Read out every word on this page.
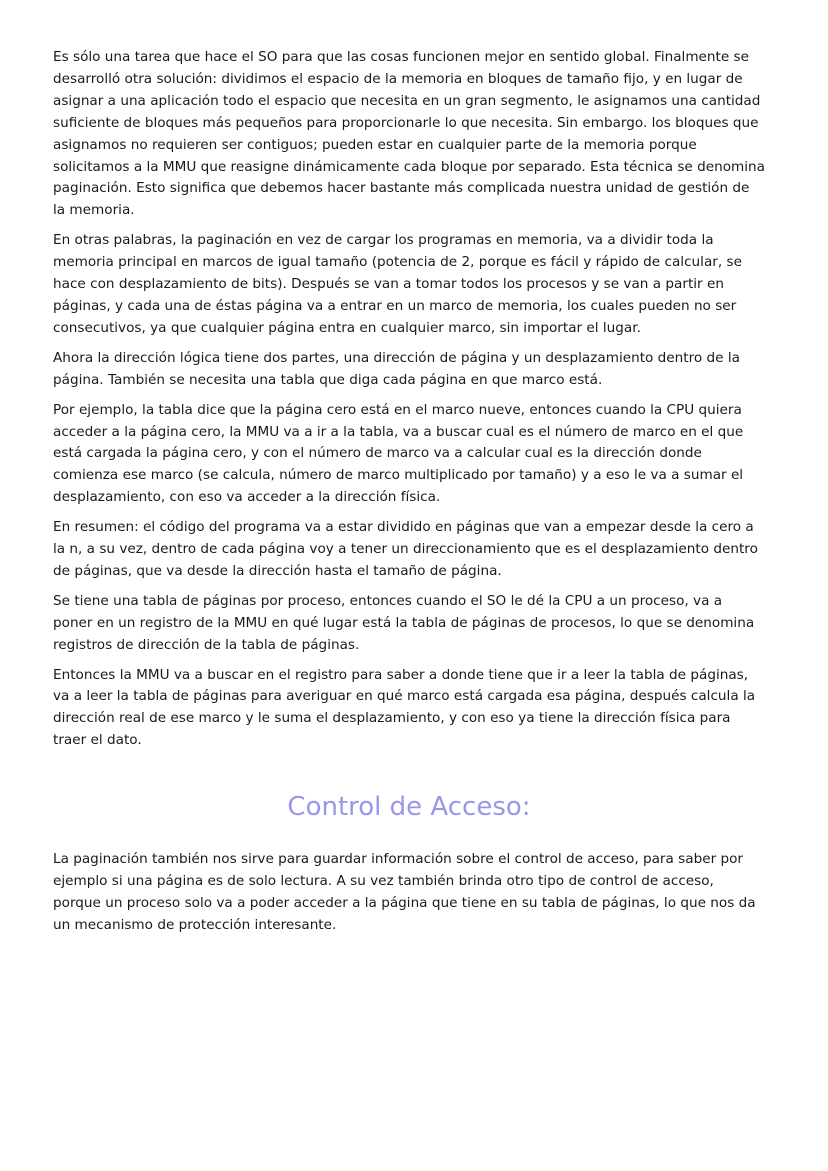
Es sólo una tarea que hace el SO para que las cosas funcionen mejor en sentido global. Finalmente se desarrolló otra solución: dividimos el espacio de la memoria en bloques de tamaño fijo, y en lugar de asignar a una aplicación todo el espacio que necesita en un gran segmento, le asignamos una cantidad suficiente de bloques más pequeños para proporcionarle lo que necesita. Sin embargo. los bloques que asignamos no requieren ser contiguos; pueden estar en cualquier parte de la memoria porque solicitamos a la MMU que reasigne dinámicamente cada bloque por separado. Esta técnica se denomina paginación. Esto significa que debemos hacer bastante más complicada nuestra unidad de gestión de la memoria.

En otras palabras, la paginación en vez de cargar los programas en memoria, va a dividir toda la memoria principal en marcos de igual tamaño (potencia de 2, porque es fácil y rápido de calcular, se hace con desplazamiento de bits). Después se van a tomar todos los procesos y se van a partir en páginas, y cada una de éstas página va a entrar en un marco de memoria, los cuales pueden no ser consecutivos, ya que cualquier página entra en cualquier marco, sin importar el lugar.

Ahora la dirección lógica tiene dos partes, una dirección de página y un desplazamiento dentro de la página. También se necesita una tabla que diga cada página en que marco está.

Por ejemplo, la tabla dice que la página cero está en el marco nueve, entonces cuando la CPU quiera acceder a la página cero, la MMU va a ir a la tabla, va a buscar cual es el número de marco en el que está cargada la página cero, y con el número de marco va a calcular cual es la dirección donde comienza ese marco (se calcula, número de marco multiplicado por tamaño) y a eso le va a sumar el desplazamiento, con eso va acceder a la dirección física.

En resumen: el código del programa va a estar dividido en páginas que van a empezar desde la cero a la n, a su vez, dentro de cada página voy a tener un direccionamiento que es el desplazamiento dentro de páginas, que va desde la dirección hasta el tamaño de página.

Se tiene una tabla de páginas por proceso, entonces cuando el SO le dé la CPU a un proceso, va a poner en un registro de la MMU en qué lugar está la tabla de páginas de procesos, lo que se denomina registros de dirección de la tabla de páginas.

Entonces la MMU va a buscar en el registro para saber a donde tiene que ir a leer la tabla de páginas, va a leer la tabla de páginas para averiguar en qué marco está cargada esa página, después calcula la dirección real de ese marco y le suma el desplazamiento, y con eso ya tiene la dirección física para traer el dato.

Control de Acceso:

La paginación también nos sirve para guardar información sobre el control de acceso, para saber por ejemplo si una página es de solo lectura. A su vez también brinda otro tipo de control de acceso, porque un proceso solo va a poder acceder a la página que tiene en su tabla de páginas, lo que nos da un mecanismo de protección interesante.
